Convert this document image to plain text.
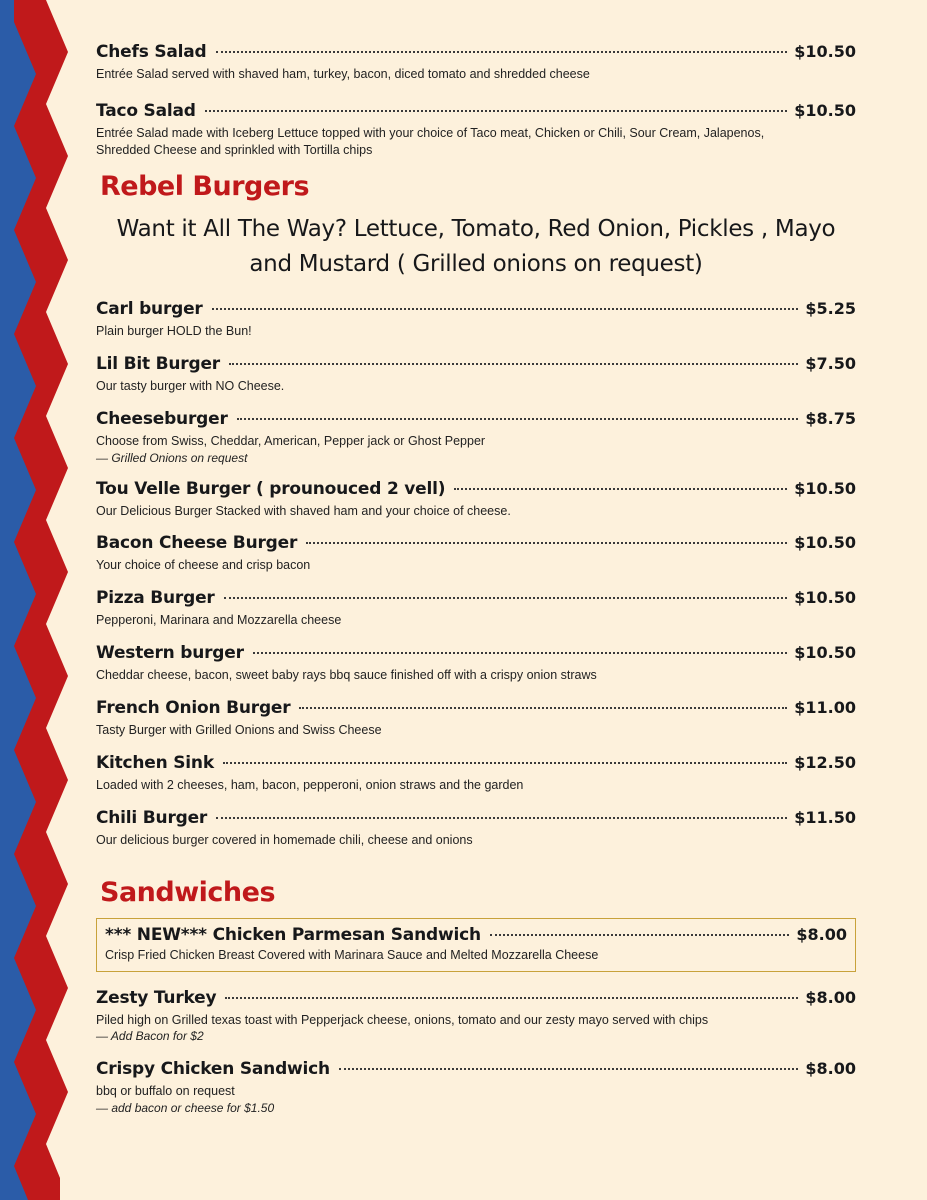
Chefs Salad	$10.50
Entrée Salad served with shaved ham, turkey, bacon, diced tomato and shredded cheese
Taco Salad	$10.50
Entrée Salad made with Iceberg Lettuce topped with your choice of Taco meat, Chicken or Chili, Sour Cream, Jalapenos, Shredded Cheese and sprinkled with Tortilla chips
Rebel Burgers
Want it All The Way? Lettuce, Tomato, Red Onion, Pickles , Mayo
and Mustard ( Grilled onions on request)
Carl burger	$5.25
Plain burger HOLD the Bun!
Lil Bit Burger	$7.50
Our tasty burger with NO Cheese.
Cheeseburger	$8.75
Choose from Swiss, Cheddar, American, Pepper jack or Ghost Pepper
— Grilled Onions on request
Tou Velle Burger ( prounouced 2 vell)	$10.50
Our Delicious Burger Stacked with shaved ham and your choice of cheese.
Bacon Cheese Burger	$10.50
Your choice of cheese and crisp bacon
Pizza Burger	$10.50
Pepperoni, Marinara and Mozzarella cheese
Western burger	$10.50
Cheddar cheese, bacon, sweet baby rays bbq sauce finished off with a crispy onion straws
French Onion Burger	$11.00
Tasty Burger with Grilled Onions and Swiss Cheese
Kitchen Sink	$12.50
Loaded with 2 cheeses, ham, bacon, pepperoni, onion straws and the garden
Chili Burger	$11.50
Our delicious burger covered in homemade chili, cheese and onions
Sandwiches
*** NEW*** Chicken Parmesan Sandwich	$8.00
Crisp Fried Chicken Breast Covered with Marinara Sauce and Melted Mozzarella Cheese
Zesty Turkey	$8.00
Piled high on Grilled texas toast with Pepperjack cheese, onions, tomato and our zesty mayo served with chips
— Add Bacon for $2
Crispy Chicken Sandwich	$8.00
bbq or buffalo on request
— add bacon or cheese for $1.50
